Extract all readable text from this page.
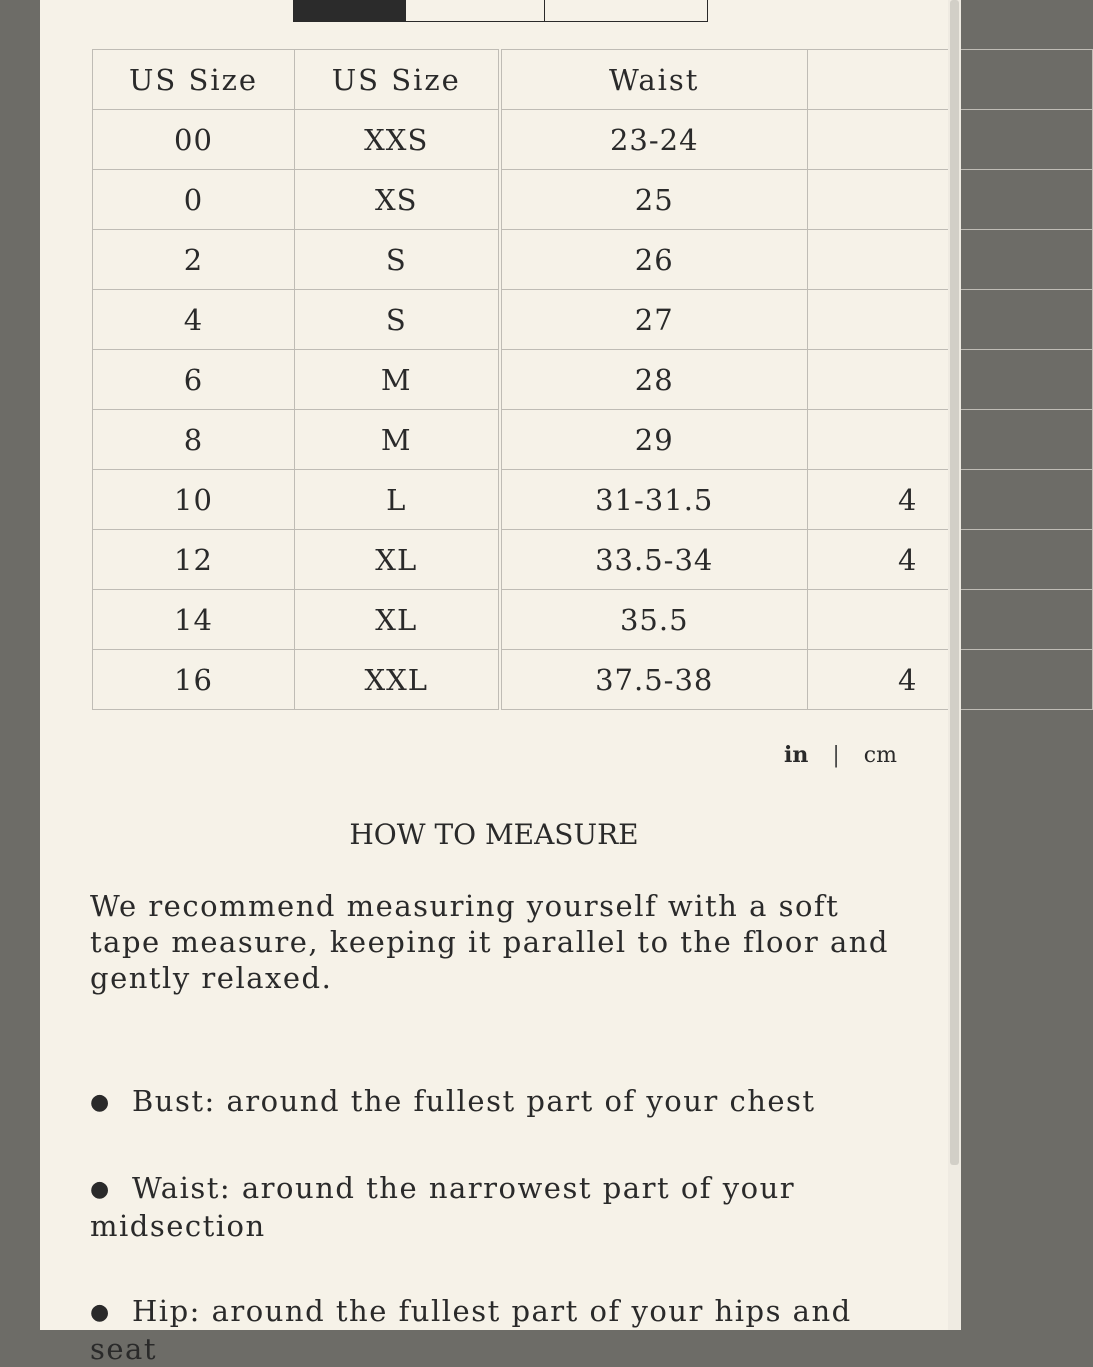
US Size	US Size	Waist	
00	XXS	23-24	
0	XS	25	
2	S	26	
4	S	27	
6	M	28	
8	M	29	
10	L	31-31.5	4
12	XL	33.5-34	4
14	XL	35.5	
16	XXL	37.5-38	4
in | cm
HOW TO MEASURE
We recommend measuring yourself with a soft tape measure, keeping it parallel to the floor and gently relaxed.
● Bust: around the fullest part of your chest
● Waist: around the narrowest part of your midsection
● Hip: around the fullest part of your hips and seat
